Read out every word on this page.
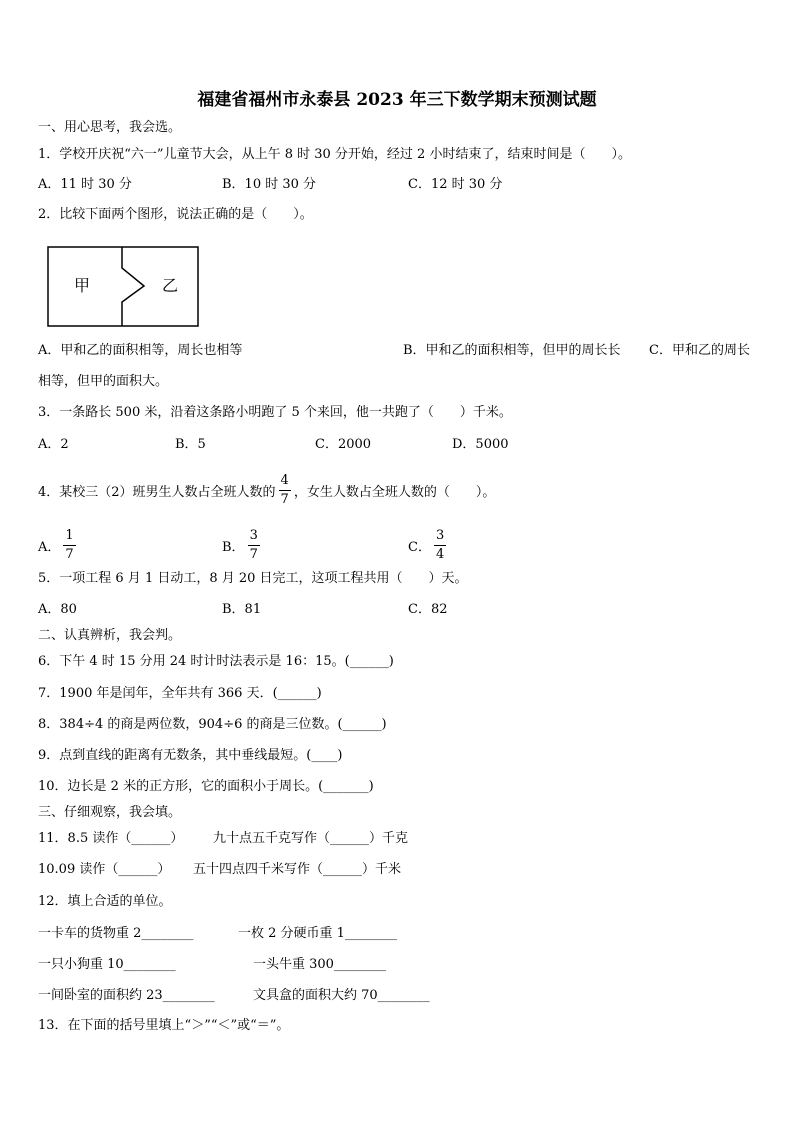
福建省福州市永泰县 2023 年三下数学期末预测试题
一、用心思考，我会选。
1．学校开庆祝“六一”儿童节大会，从上午 8 时 30 分开始，经过 2 小时结束了，结束时间是（　　）。
A．11 时 30 分	B．10 时 30 分	C．12 时 30 分
2．比较下面两个图形，说法正确的是（　　）。
甲	乙
A．甲和乙的面积相等，周长也相等	B．甲和乙的面积相等，但甲的周长长 C．甲和乙的周长
相等，但甲的面积大。
3．一条路长 500 米，沿着这条路小明跑了 5 个来回，他一共跑了（　　）千米。
A．2	B．5	C．2000	D．5000
4．某校三（2）班男生人数占全班人数的 $\frac{4}{7}$ ，女生人数占全班人数的（　　）。
A． $\frac{1}{7}$	B． $\frac{3}{7}$	C． $\frac{3}{4}$
5．一项工程 6 月 1 日动工，8 月 20 日完工，这项工程共用（　　）天。
A．80	B．81	C．82
二、认真辨析，我会判。
6．下午 4 时 15 分用 24 时计时法表示是 16：15。(______)
7．1900 年是闰年，全年共有 366 天．(______)
8．384÷4 的商是两位数，904÷6 的商是三位数。(______)
9．点到直线的距离有无数条，其中垂线最短。(____)
10．边长是 2 米的正方形，它的面积小于周长。(_______)
三、仔细观察，我会填。
11．8.5 读作（______） 九十点五千克写作（______）千克
10.09 读作（______） 五十四点四千米写作（______）千米
12．填上合适的单位。
一卡车的货物重 2________	一枚 2 分硬币重 1________
一只小狗重 10________	一头牛重 300________
一间卧室的面积约 23________	文具盒的面积大约 70________
13．在下面的括号里填上“＞”“＜”或“＝”。
